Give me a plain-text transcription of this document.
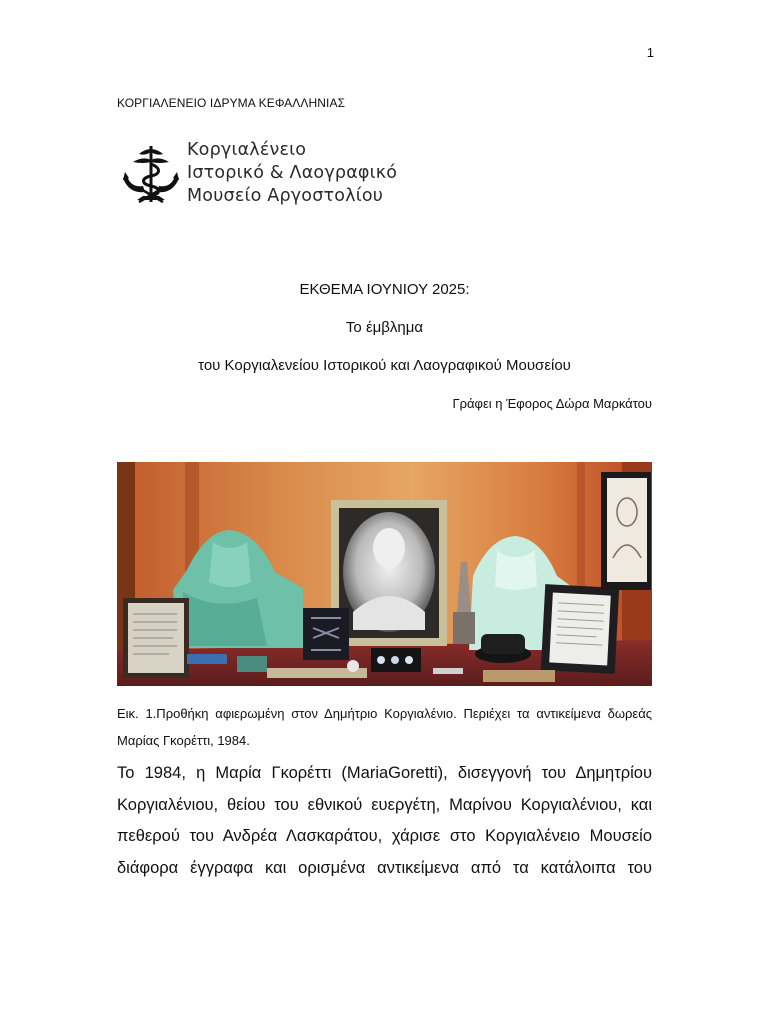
1
ΚΟΡΓΙΑΛΕΝΕΙΟ ΙΔΡΥΜΑ ΚΕΦΑΛΛΗΝΙΑΣ
Κοργιαλένειο
Ιστορικό & Λαογραφικό
Μουσείο Αργοστολίου
ΕΚΘΕΜΑ ΙΟΥΝΙΟΥ 2025:
Το έμβλημα
του Κοργιαλενείου Ιστορικού και Λαογραφικού Μουσείου
Γράφει η Έφορος Δώρα Μαρκάτου
Εικ. 1.Προθήκη αφιερωμένη στον Δημήτριο Κοργιαλένιο. Περιέχει τα αντικείμενα δωρεάς Μαρίας Γκορέττι, 1984.
Το 1984, η Μαρία Γκορέττι (MariaGoretti), δισεγγονή του Δημητρίου Κοργιαλένιου, θείου του εθνικού ευεργέτη, Μαρίνου Κοργιαλένιου, και πεθερού του Ανδρέα Λασκαράτου, χάρισε στο Κοργιαλένειο Μουσείο διάφορα έγγραφα και ορισμένα αντικείμενα από τα κατάλοιπα του
